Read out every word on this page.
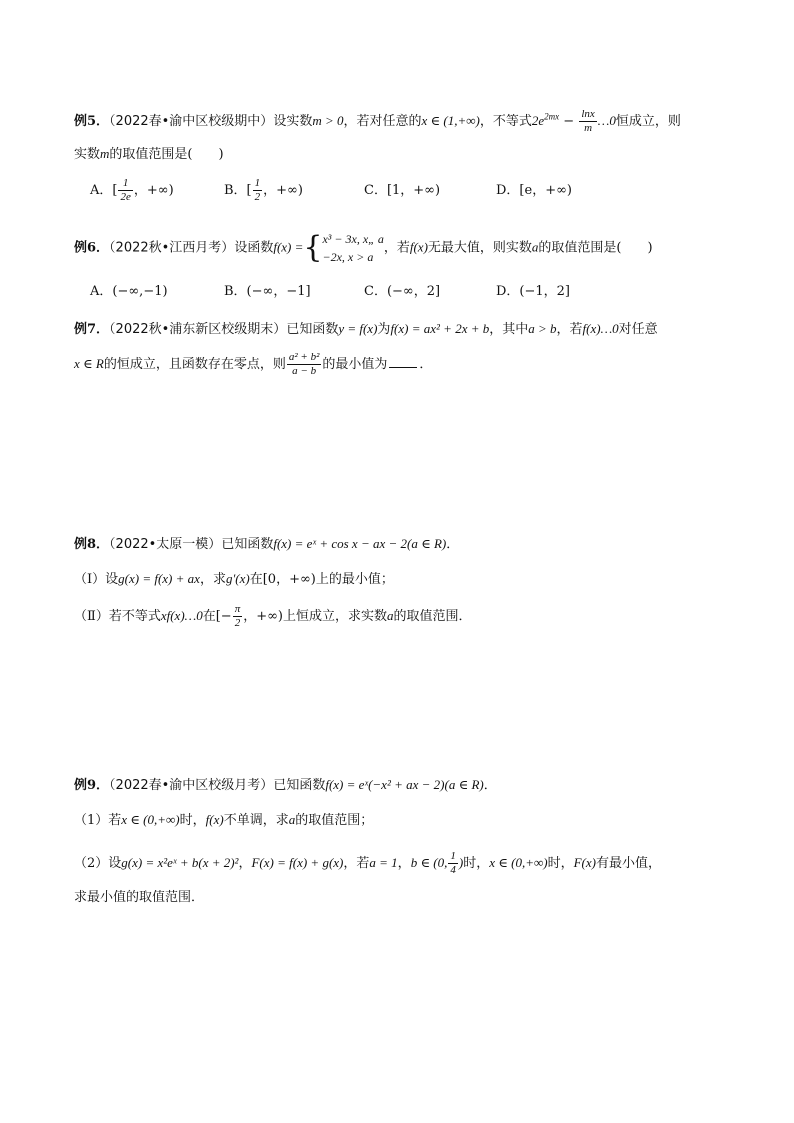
例5．（2022春•渝中区校级期中）设实数m > 0，若对任意的x ∈ (1,+∞)，不等式$2e^{2mx} - \frac{\ln x}{m}$ …0恒成立，则
实数m的取值范围是(　　)
A．[ $\frac{1}{2e}$ ，+∞)	B．[ $\frac{1}{2}$ ，+∞)	C．[1，+∞)	D．[e，+∞)
例6．（2022秋•江西月考）设函数f(x) ={ x³ − 3x, x„ a
−2x, x > a
，若f(x)无最大值，则实数a的取值范围是(　　)
A．(−∞,−1)	B．(−∞，−1]	C．(−∞，2]	D．(−1，2]
例7．（2022秋•浦东新区校级期末）已知函数y = f(x)为f(x) = ax² + 2x + b，其中a > b，若f(x)…0对任意
x ∈ R的恒成立，且函数存在零点，则 $\frac{\text{a² + b²}}{a - b}$ 的最小值为 ．
例8．（2022•太原一模）已知函数f(x) = eˣ + cos x − ax − 2(a ∈ R)．
（Ⅰ）设g(x) = f(x) + ax，求g′(x)在[0，+∞)上的最小值；
（Ⅱ）若不等式xf(x)…0在[− $\frac{\pi}{2}$ ，+∞)上恒成立，求实数a的取值范围．
例9．（2022春•渝中区校级月考）已知函数f(x) = eˣ(−x² + ax − 2)(a ∈ R)．
（1）若x ∈ (0,+∞)时，f(x)不单调，求a的取值范围；
（2）设g(x) = x²eˣ + b(x + 2)²，F(x) = f(x) + g(x)，若a = 1，b ∈ (0, $\frac{1}{4}$ )时，x ∈ (0,+∞)时，F(x)有最小值，
求最小值的取值范围．
